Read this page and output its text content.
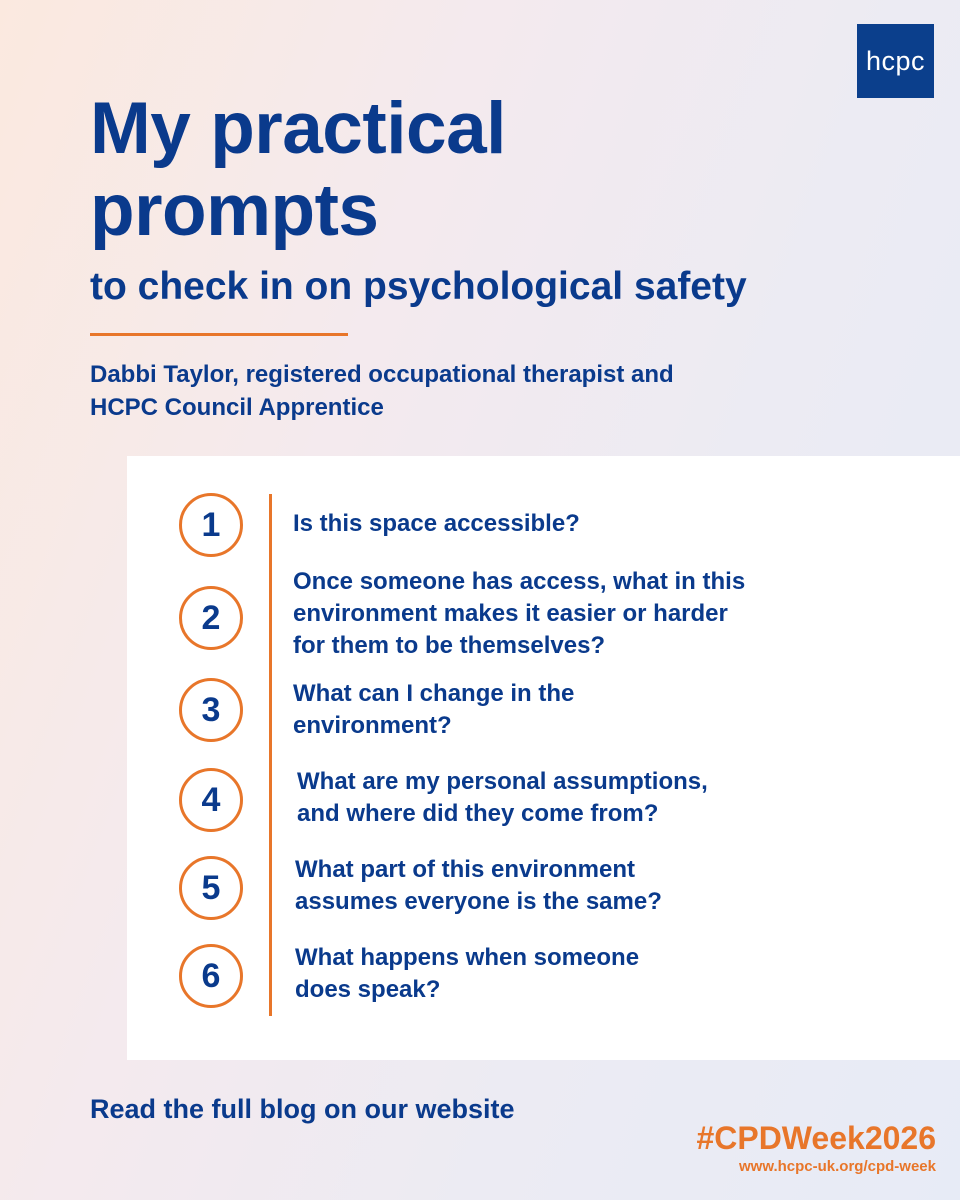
hcpc
My practical
prompts
to check in on psychological safety

Dabbi Taylor, registered occupational therapist and
HCPC Council Apprentice

1	Is this space accessible?

2

Once someone has access, what in this
environment makes it easier or harder
for them to be themselves?

3	What can I change in the
environment?

4	What are my personal assumptions,
and where did they come from?

5	What part of this environment
assumes everyone is the same?

6	What happens when someone
does speak?

Read the full blog on our website

#CPDWeek2026

www.hcpc-uk.org/cpd-week
